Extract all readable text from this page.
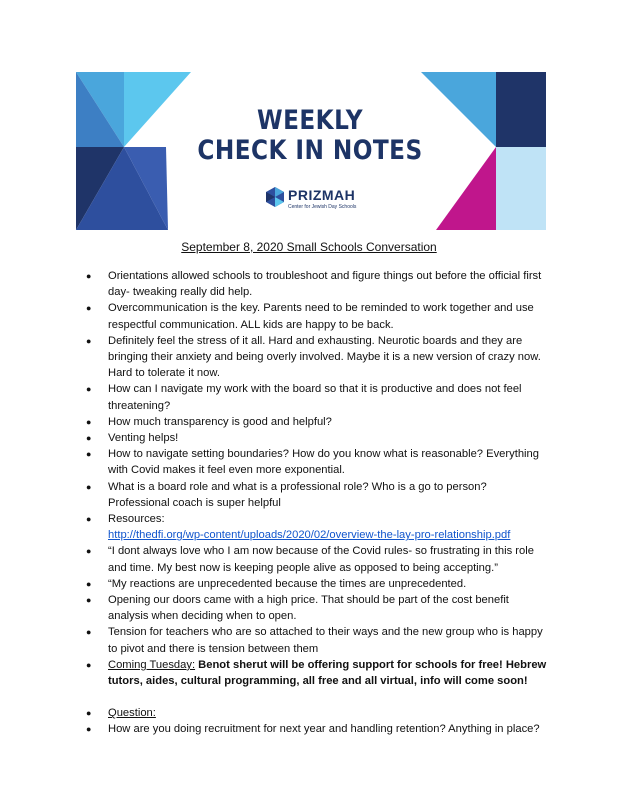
WEEKLY
CHECK IN NOTES
PRIZMAH
Center for Jewish Day Schools
September 8, 2020 Small Schools Conversation
● Orientations allowed schools to troubleshoot and figure things out before the official first day- tweaking really did help.
● Overcommunication is the key. Parents need to be reminded to work together and use respectful communication. ALL kids are happy to be back.
● Definitely feel the stress of it all. Hard and exhausting. Neurotic boards and they are bringing their anxiety and being overly involved. Maybe it is a new version of crazy now. Hard to tolerate it now.
● How can I navigate my work with the board so that it is productive and does not feel threatening?
● How much transparency is good and helpful?
● Venting helps!
● How to navigate setting boundaries? How do you know what is reasonable? Everything with Covid makes it feel even more exponential.
● What is a board role and what is a professional role? Who is a go to person? Professional coach is super helpful
● Resources:
http://thedfi.org/wp-content/uploads/2020/02/overview-the-lay-pro-relationship.pdf
● “I dont always love who I am now because of the Covid rules- so frustrating in this role and time. My best now is keeping people alive as opposed to being accepting.”
● “My reactions are unprecedented because the times are unprecedented.
● Opening our doors came with a high price. That should be part of the cost benefit analysis when deciding when to open.
● Tension for teachers who are so attached to their ways and the new group who is happy to pivot and there is tension between them
● Coming Tuesday: Benot sherut will be offering support for schools for free! Hebrew tutors, aides, cultural programming, all free and all virtual, info will come soon!
● Question:
● How are you doing recruitment for next year and handling retention? Anything in place?
